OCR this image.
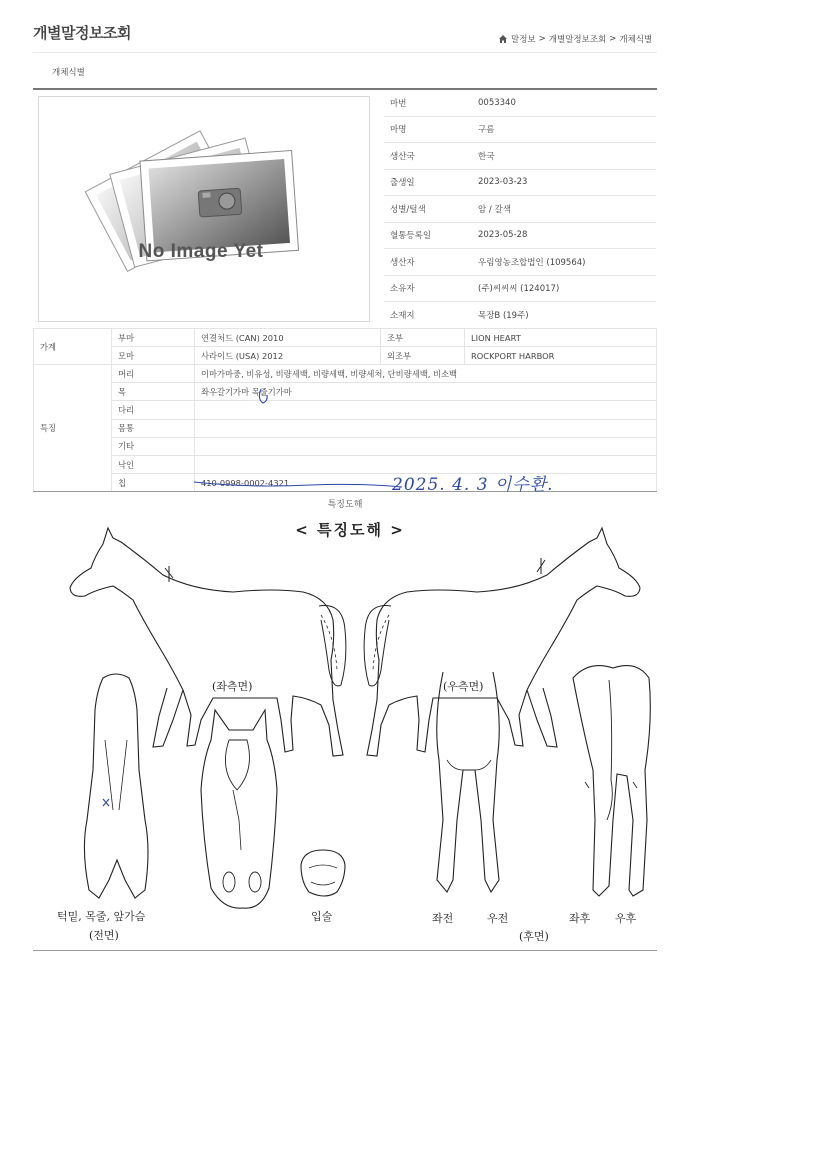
개별말정보조회	말정보 > 개별말정보조회 > 개체식별
개체식별
No Image Yet
마번	0053340
마명	구름
생산국	한국
출생일	2023-03-23
성별/털색	암 / 갈색
혈통등록일	2023-05-28
생산자	우림영농조합법인 (109564)
소유자	(주)씨씨씨 (124017)
소재지	목장B (19주)
가계	부마	연결처드 (CAN) 2010	조부	LION HEART
	모마	사라이드 (USA) 2012	외조부	ROCKPORT HARBOR
특징	머리	이마가마중, 비유성, 비량세백, 비량세백, 비량세처, 단비량세백, 비소백
	목	좌우갈기가마 목줄기가마
	다리	
	몸통	
	기타	
	낙인	
	칩	410-0998-0002-4321	2025. 4. 3 이수환.
특징도해
< 특징도해 >
(좌측면)	(우측면)
턱밑, 목줄, 앞가슴
(전면)
입술	좌전	우전
(후면)
좌후 우후
